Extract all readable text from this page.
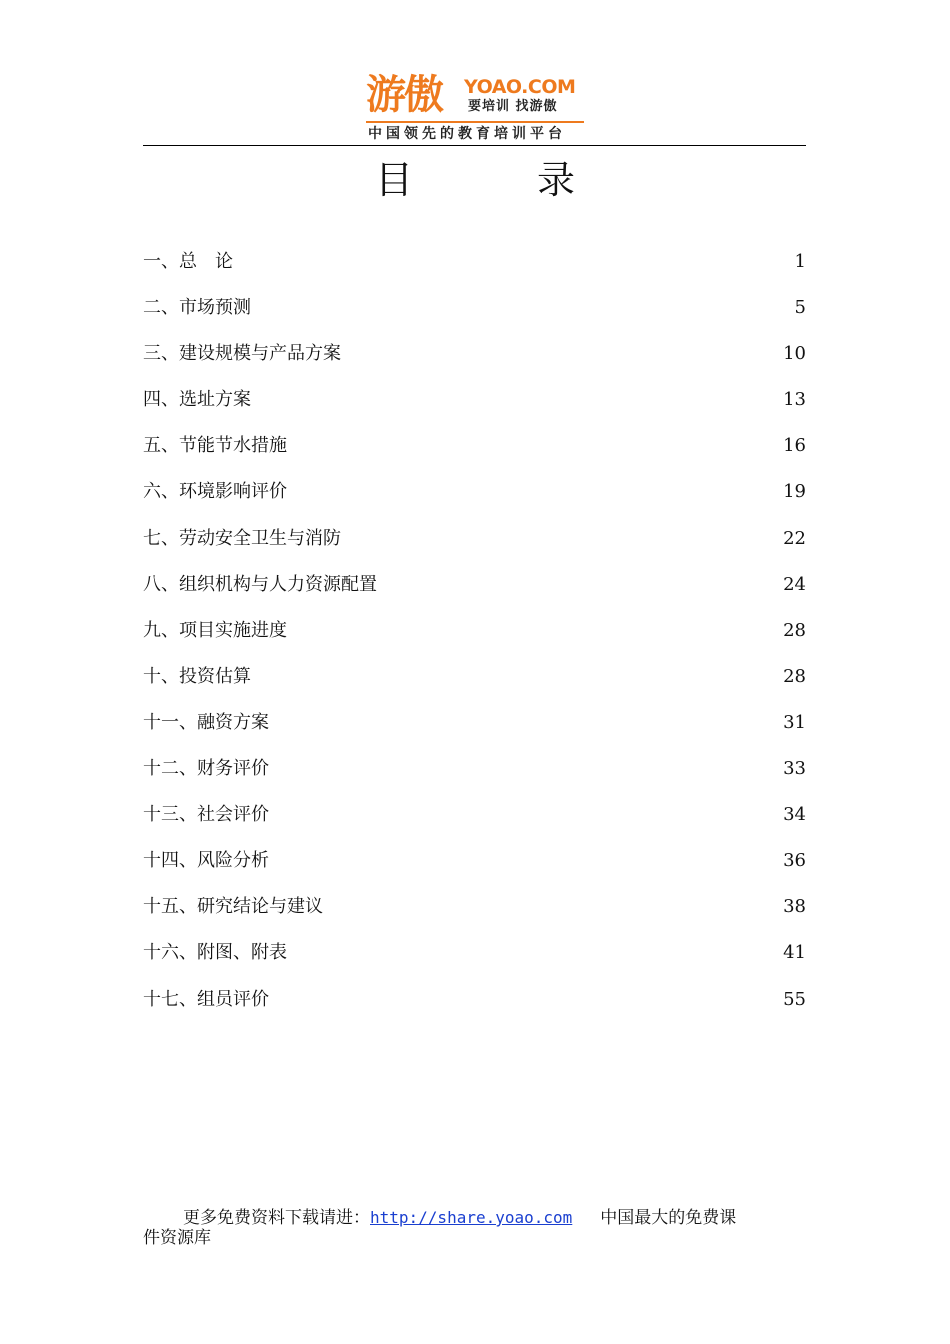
游傲 YOAO.COM
要培训 找游傲
中国领先的教育培训平台
目 录
一、总　论	1
二、市场预测	5
三、建设规模与产品方案	10
四、选址方案	13
五、节能节水措施	16
六、环境影响评价	19
七、劳动安全卫生与消防	22
八、组织机构与人力资源配置	24
九、项目实施进度	28
十、投资估算	28
十一、融资方案	31
十二、财务评价	33
十三、社会评价	34
十四、风险分析	36
十五、研究结论与建议	38
十六、附图、附表	41
十七、组员评价	55
更多免费资料下载请进：http://share.yoao.com 中国最大的免费课
件资源库
